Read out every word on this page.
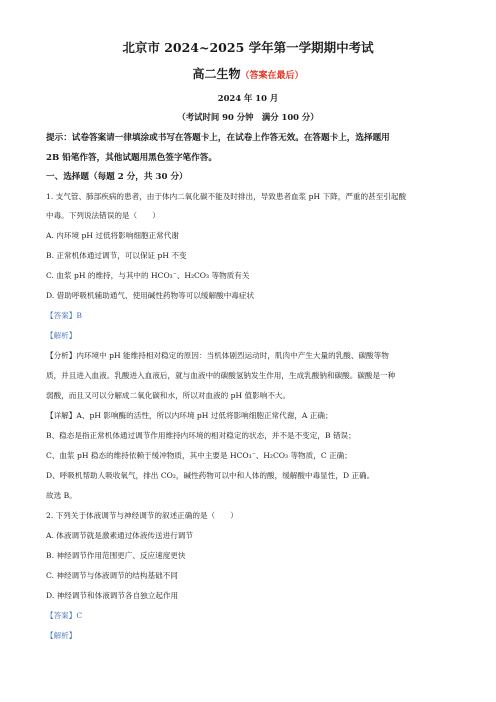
北京市 2024~2025 学年第一学期期中考试
高二生物（答案在最后）
2024 年 10 月
（考试时间 90 分钟　满分 100 分）
提示：试卷答案请一律填涂或书写在答题卡上，在试卷上作答无效。在答题卡上，选择题用
2B 铅笔作答，其他试题用黑色签字笔作答。
一、选择题（每题 2 分，共 30 分）
1. 支气管、肺部疾病的患者，由于体内二氧化碳不能及时排出，导致患者血浆 pH 下降，严重的甚至引起酸
中毒。下列说法错误的是（　　）
A. 内环境 pH 过低将影响细胞正常代谢
B. 正常机体通过调节，可以保证 pH 不变
C. 血浆 pH 的维持，与其中的 HCO₃⁻、H₂CO₃ 等物质有关
D. 借助呼吸机辅助通气、使用碱性药物等可以缓解酸中毒症状
【答案】B
【解析】
【分析】内环境中 pH 能维持相对稳定的原因：当机体剧烈运动时，肌肉中产生大量的乳酸、碳酸等物
质，并且进入血液。乳酸进入血液后，就与血液中的碳酸氢钠发生作用，生成乳酸钠和碳酸。碳酸是一种
弱酸，而且又可以分解成二氧化碳和水，所以对血液的 pH 值影响不大。
【详解】A、pH 影响酶的活性，所以内环境 pH 过低将影响细胞正常代谢，A 正确；
B、稳态是指正常机体通过调节作用维持内环境的相对稳定的状态，并不是不变定，B 错误；
C、血浆 pH 稳态的维持依赖于缓冲物质，其中主要是 HCO₃⁻、H₂CO₃ 等物质，C 正确；
D、呼吸机帮助人吸收氧气，排出 CO₂，碱性药物可以中和人体的酸，缓解酸中毒显性，D 正确。
故选 B。
2. 下列关于体液调节与神经调节的叙述正确的是（　　）
A. 体液调节就是激素通过体液传送进行调节
B. 神经调节作用范围更广、反应速度更快
C. 神经调节与体液调节的结构基础不同
D. 神经调节和体液调节各自独立起作用
【答案】C
【解析】
